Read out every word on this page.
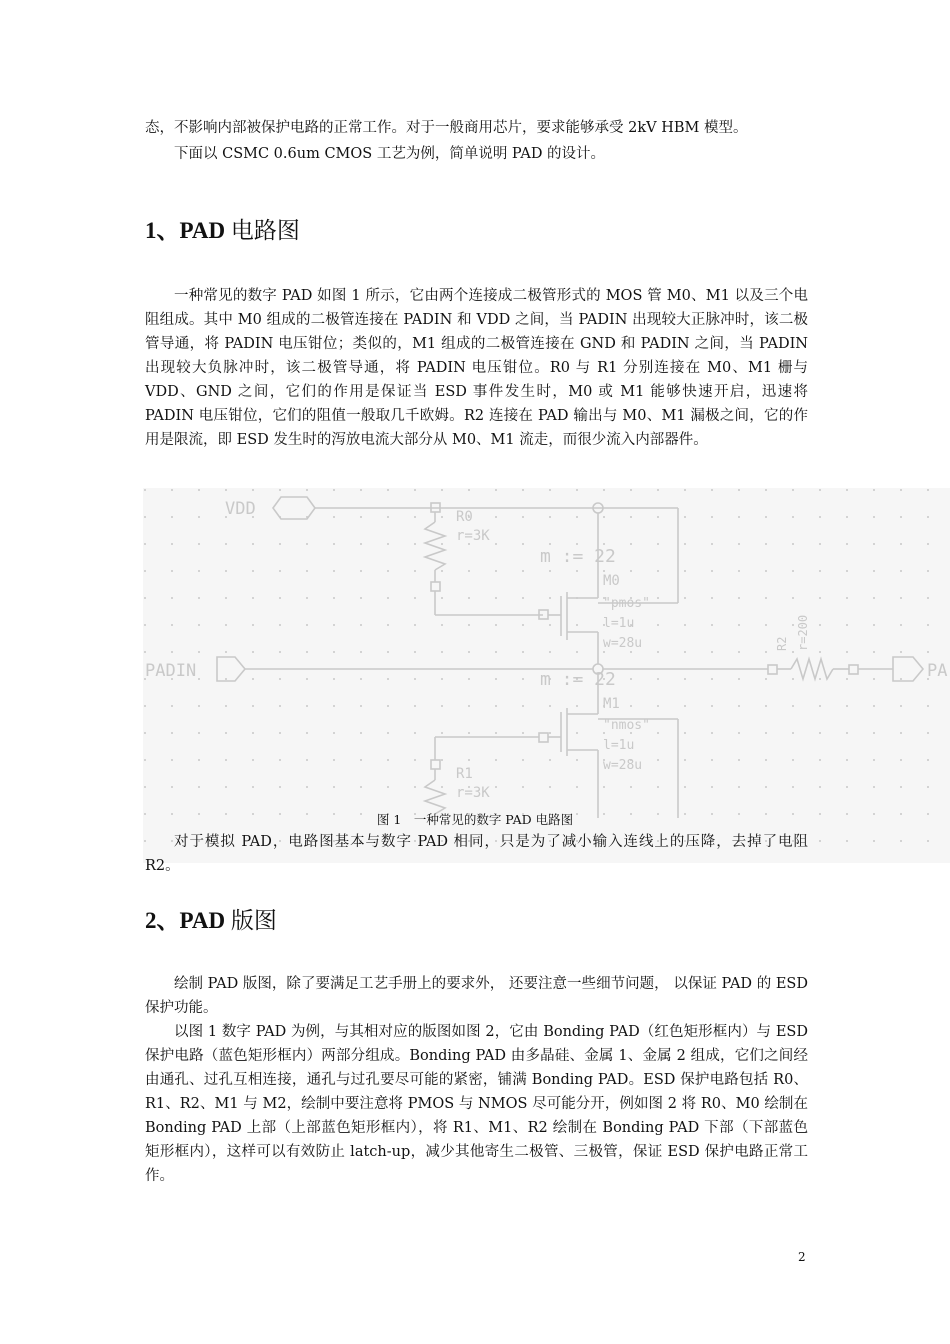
态，不影响内部被保护电路的正常工作。对于一般商用芯片，要求能够承受 2kV HBM 模型。

下面以 CSMC 0.6um CMOS 工艺为例，简单说明 PAD 的设计。

1、PAD 电路图

一种常见的数字 PAD 如图 1 所示，它由两个连接成二极管形式的 MOS 管 M0、M1 以及三个电阻组成。其中 M0 组成的二极管连接在 PADIN 和 VDD 之间，当 PADIN 出现较大正脉冲时，该二极管导通，将 PADIN 电压钳位；类似的，M1 组成的二极管连接在 GND 和 PADIN 之间，当 PADIN 出现较大负脉冲时，该二极管导通，将 PADIN 电压钳位。R0 与 R1 分别连接在 M0、M1 栅与 VDD、GND 之间，它们的作用是保证当 ESD 事件发生时，M0 或 M1 能够快速开启，迅速将 PADIN 电压钳位，它们的阻值一般取几千欧姆。R2 连接在 PAD 输出与 M0、M1 漏极之间，它的作用是限流，即 ESD 发生时的泻放电流大部分从 M0、M1 流走，而很少流入内部器件。

VDD
PADIN	PA
R0
r=3K
m := 22
M0
"pmos"
l=1u
w=28u
m := 22
M1
"nmos"
l=1u
w=28u
R1
r=3K
R2 r=200

图 1　一种常见的数字 PAD 电路图

对于模拟 PAD，电路图基本与数字 PAD 相同，只是为了减小输入连线上的压降，去掉了电阻 R2。

2、PAD 版图

绘制 PAD 版图，除了要满足工艺手册上的要求外， 还要注意一些细节问题， 以保证 PAD 的 ESD 保护功能。

以图 1 数字 PAD 为例，与其相对应的版图如图 2，它由 Bonding PAD（红色矩形框内）与 ESD 保护电路（蓝色矩形框内）两部分组成。Bonding PAD 由多晶硅、金属 1、金属 2 组成，它们之间经由通孔、过孔互相连接，通孔与过孔要尽可能的紧密，铺满 Bonding PAD。ESD 保护电路包括 R0、R1、R2、M1 与 M2，绘制中要注意将 PMOS 与 NMOS 尽可能分开，例如图 2 将 R0、M0 绘制在 Bonding PAD 上部（上部蓝色矩形框内），将 R1、M1、R2 绘制在 Bonding PAD 下部（下部蓝色矩形框内），这样可以有效防止 latch-up，减少其他寄生二极管、三极管，保证 ESD 保护电路正常工作。

2
